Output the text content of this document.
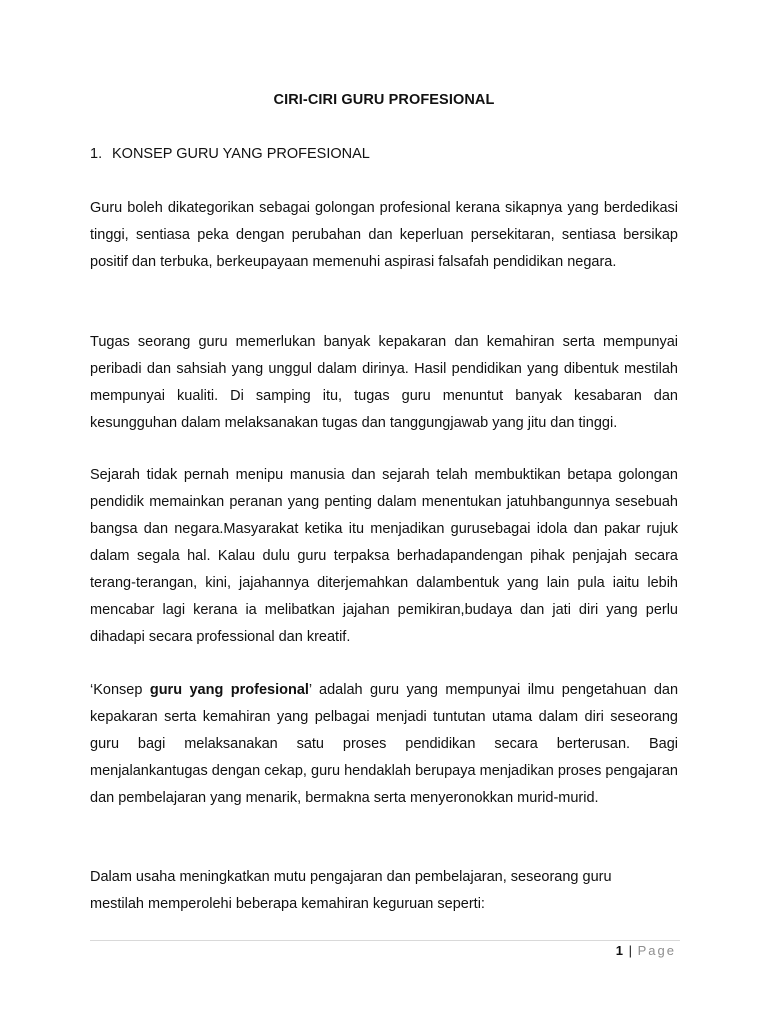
CIRI-CIRI GURU PROFESIONAL
1. KONSEP GURU YANG PROFESIONAL

Guru boleh dikategorikan sebagai golongan profesional kerana sikapnya yang berdedikasi tinggi, sentiasa peka dengan perubahan dan keperluan persekitaran, sentiasa bersikap positif dan terbuka, berkeupayaan memenuhi aspirasi falsafah pendidikan negara.

Tugas seorang guru memerlukan banyak kepakaran dan kemahiran serta mempunyai peribadi dan sahsiah yang unggul dalam dirinya. Hasil pendidikan yang dibentuk mestilah mempunyai kualiti. Di samping itu, tugas guru menuntut banyak kesabaran dan kesungguhan dalam melaksanakan tugas dan tanggungjawab yang jitu dan tinggi.

Sejarah tidak pernah menipu manusia dan sejarah telah membuktikan betapa golongan pendidik memainkan peranan yang penting dalam menentukan jatuhbangunnya sesebuah bangsa dan negara.Masyarakat ketika itu menjadikan gurusebagai idola dan pakar rujuk dalam segala hal. Kalau dulu guru terpaksa berhadapandengan pihak penjajah secara terang-terangan, kini, jajahannya diterjemahkan dalambentuk yang lain pula iaitu lebih mencabar lagi kerana ia melibatkan jajahan pemikiran,budaya dan jati diri yang perlu dihadapi secara professional dan kreatif.

‘Konsep guru yang profesional’ adalah guru yang mempunyai ilmu pengetahuan dan kepakaran serta kemahiran yang pelbagai menjadi tuntutan utama dalam diri seseorang guru bagi melaksanakan satu proses pendidikan secara berterusan. Bagi menjalankantugas dengan cekap, guru hendaklah berupaya menjadikan proses pengajaran dan pembelajaran yang menarik, bermakna serta menyeronokkan murid-murid.

Dalam usaha meningkatkan mutu pengajaran dan pembelajaran, seseorang guru mestilah memperolehi beberapa kemahiran keguruan seperti:

1 | Page
